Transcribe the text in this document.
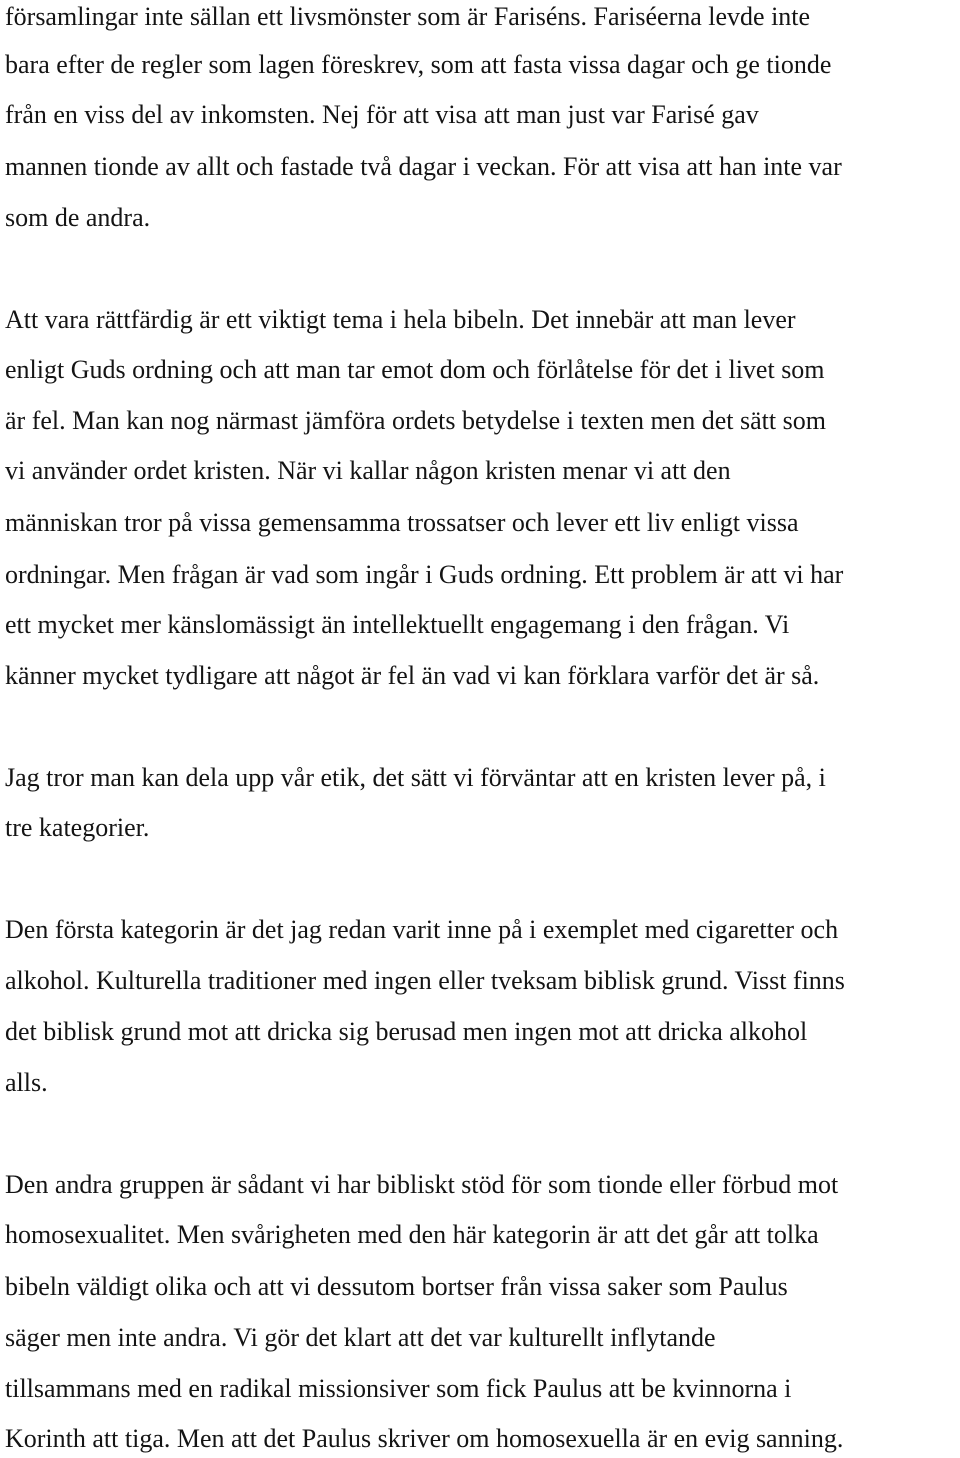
församlingar inte sällan ett livsmönster som är Fariséns. Fariséerna levde inte
bara efter de regler som lagen föreskrev, som att fasta vissa dagar och ge tionde
från en viss del av inkomsten. Nej för att visa att man just var Farisé gav
mannen tionde av allt och fastade två dagar i veckan. För att visa att han inte var
som de andra.
Att vara rättfärdig är ett viktigt tema i hela bibeln. Det innebär att man lever
enligt Guds ordning och att man tar emot dom och förlåtelse för det i livet som
är fel. Man kan nog närmast jämföra ordets betydelse i texten men det sätt som
vi använder ordet kristen. När vi kallar någon kristen menar vi att den
människan tror på vissa gemensamma trossatser och lever ett liv enligt vissa
ordningar. Men frågan är vad som ingår i Guds ordning. Ett problem är att vi har
ett mycket mer känslomässigt än intellektuellt engagemang i den frågan. Vi
känner mycket tydligare att något är fel än vad vi kan förklara varför det är så.
Jag tror man kan dela upp vår etik, det sätt vi förväntar att en kristen lever på, i
tre kategorier.
Den första kategorin är det jag redan varit inne på i exemplet med cigaretter och
alkohol. Kulturella traditioner med ingen eller tveksam biblisk grund. Visst finns
det biblisk grund mot att dricka sig berusad men ingen mot att dricka alkohol
alls.
Den andra gruppen är sådant vi har bibliskt stöd för som tionde eller förbud mot
homosexualitet. Men svårigheten med den här kategorin är att det går att tolka
bibeln väldigt olika och att vi dessutom bortser från vissa saker som Paulus
säger men inte andra. Vi gör det klart att det var kulturellt inflytande
tillsammans med en radikal missionsiver som fick Paulus att be kvinnorna i
Korinth att tiga. Men att det Paulus skriver om homosexuella är en evig sanning.
